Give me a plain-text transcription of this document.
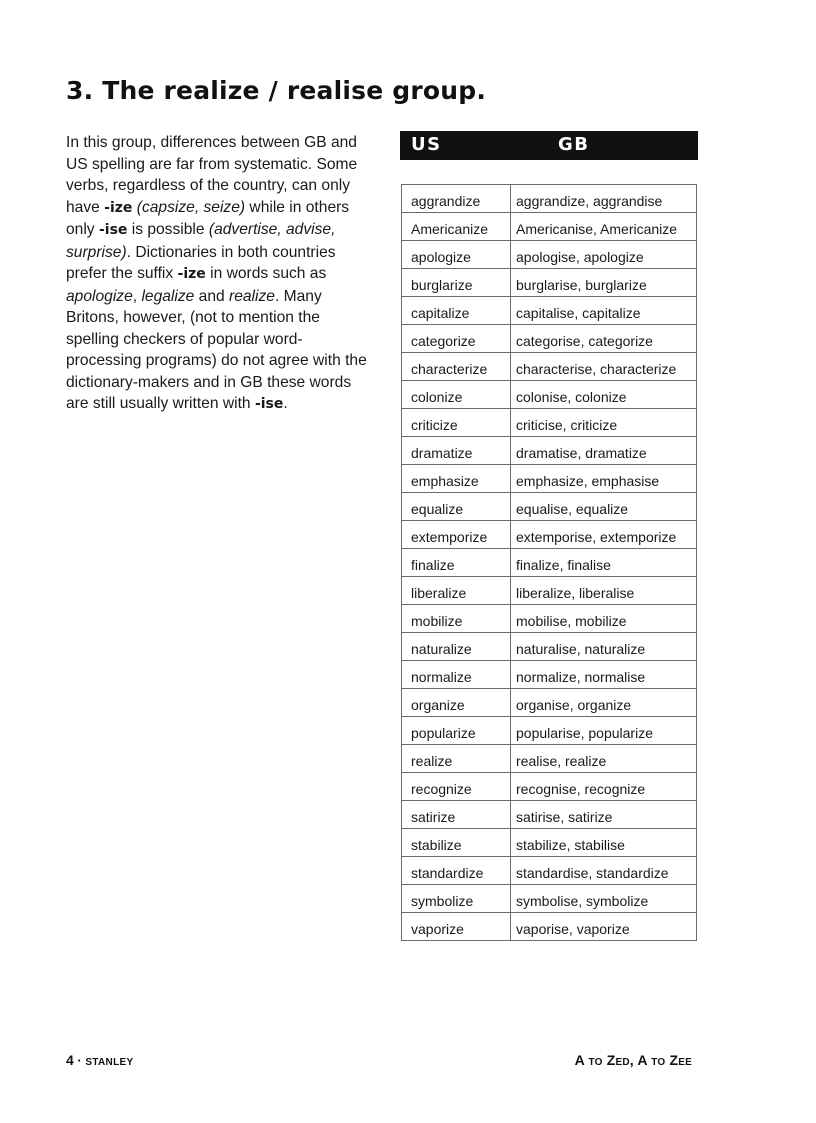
3. The realize / realise group.

In this group, differences between GB and US spelling are far from systematic. Some verbs, regardless of the country, can only have -ize (capsize, seize) while in others only -ise is possible (advertise, advise, surprise). Dictionaries in both countries prefer the suffix -ize in words such as apologize, legalize and realize. Many Britons, however, (not to mention the spelling checkers of popular word-processing programs) do not agree with the dictionary-makers and in GB these words are still usually written with -ise.

US	GB
aggrandize	aggrandize, aggrandise
Americanize	Americanise, Americanize
apologize	apologise, apologize
burglarize	burglarise, burglarize
capitalize	capitalise, capitalize
categorize	categorise, categorize
characterize	characterise, characterize
colonize	colonise, colonize
criticize	criticise, criticize
dramatize	dramatise, dramatize
emphasize	emphasize, emphasise
equalize	equalise, equalize
extemporize	extemporise, extemporize
finalize	finalize, finalise
liberalize	liberalize, liberalise
mobilize	mobilise, mobilize
naturalize	naturalise, naturalize
normalize	normalize, normalise
organize	organise, organize
popularize	popularise, popularize
realize	realise, realize
recognize	recognise, recognize
satirize	satirise, satirize
stabilize	stabilize, stabilise
standardize	standardise, standardize
symbolize	symbolise, symbolize
vaporize	vaporise, vaporize
4 · STANLEY	A to Zed, A to Zee
